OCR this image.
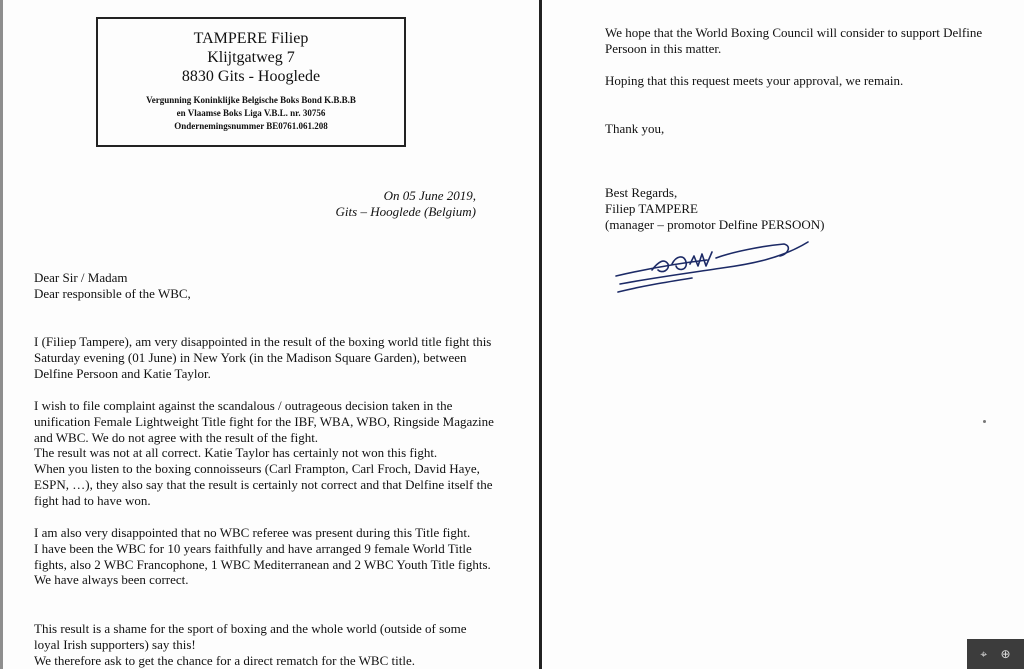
TAMPERE Filiep
Klijtgatweg 7
8830 Gits - Hooglede
Vergunning Koninklijke Belgische Boks Bond K.B.B.B
en Vlaamse Boks Liga V.B.L. nr. 30756
Ondernemingsnummer BE0761.061.208
On 05 June 2019,
Gits – Hooglede (Belgium)

Dear Sir / Madam

Dear responsible of the WBC,

I (Filiep Tampere), am very disappointed in the result of the boxing world title fight this Saturday evening (01 June) in New York (in the Madison Square Garden), between Delfine Persoon and Katie Taylor.

I wish to file complaint against the scandalous / outrageous decision taken in the unification Female Lightweight Title fight for the IBF, WBA, WBO, Ringside Magazine and WBC. We do not agree with the result of the fight.

The result was not at all correct. Katie Taylor has certainly not won this fight.

When you listen to the boxing connoisseurs (Carl Frampton, Carl Froch, David Haye, ESPN, …), they also say that the result is certainly not correct and that Delfine itself the fight had to have won.

I am also very disappointed that no WBC referee was present during this Title fight.

I have been the WBC for 10 years faithfully and have arranged 9 female World Title fights, also 2 WBC Francophone, 1 WBC Mediterranean and 2 WBC Youth Title fights. We have always been correct.

This result is a shame for the sport of boxing and the whole world (outside of some loyal Irish supporters) say this!

We therefore ask to get the chance for a direct rematch for the WBC title.

We hope that the World Boxing Council will consider to support Delfine Persoon in this matter.

Hoping that this request meets your approval, we remain.

Thank you,

Best Regards,

Filiep TAMPERE

(manager – promotor Delfine PERSOON)

⌖ ⊕
